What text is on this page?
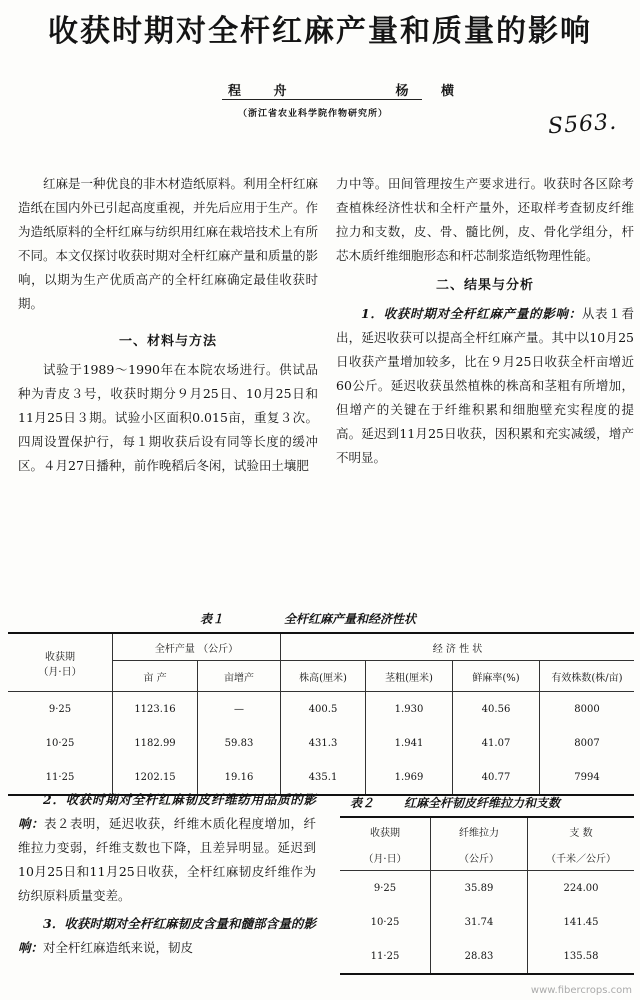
收获时期对全杆红麻产量和质量的影响
程 舟	杨 横
（浙江省农业科学院作物研究所）	S563.

红麻是一种优良的非木材造纸原料。利用全杆红麻造纸在国内外已引起高度重视，并先后应用于生产。作为造纸原料的全杆红麻与纺织用红麻在栽培技术上有所不同。本文仅探讨收获时期对全杆红麻产量和质量的影响，以期为生产优质高产的全杆红麻确定最佳收获时期。

一、材料与方法

试验于1989～1990年在本院农场进行。供试品种为青皮３号，收获时期分９月25日、10月25日和11月25日３期。试验小区面积0.015亩，重复３次。四周设置保护行，每１期收获后设有同等长度的缓冲区。４月27日播种，前作晚稻后冬闲，试验田土壤肥

力中等。田间管理按生产要求进行。收获时各区除考查植株经济性状和全杆产量外，还取样考查韧皮纤维拉力和支数，皮、骨、髓比例，皮、骨化学组分，杆芯木质纤维细胞形态和杆芯制浆造纸物理性能。

二、结果与分析

1．收获时期对全杆红麻产量的影响：从表１看出，延迟收获可以提高全杆红麻产量。其中以10月25日收获产量增加较多，比在９月25日收获全杆亩增近60公斤。延迟收获虽然植株的株高和茎粗有所增加，但增产的关键在于纤维积累和细胞壁充实程度的提高。延迟到11月25日收获，因积累和充实减缓，增产不明显。

表１	全杆红麻产量和经济性状
收获期
（月·日）	全杆产量 （公斤）		经 济 性 状			
	亩 产	亩增产	株高(厘米)	茎粗(厘米)	鲜麻率(%)	有效株数(株/亩)
9·25	1123.16	—	400.5	1.930	40.56	8000
10·25	1182.99	59.83	431.3	1.941	41.07	8007
11·25	1202.15	19.16	435.1	1.969	40.77	7994

2．收获时期对全杆红麻韧皮纤维纺用品质的影响：表２表明，延迟收获，纤维木质化程度增加，纤维拉力变弱，纤维支数也下降，且差异明显。延迟到10月25日和11月25日收获，全杆红麻韧皮纤维作为纺织原料质量变差。

3．收获时期对全杆红麻韧皮含量和髓部含量的影响：对全杆红麻造纸来说，韧皮

表２	红麻全杆韧皮纤维拉力和支数
收获期	纤维拉力	支 数
（月·日）	（公斤）	（千米／公斤）
9·25	35.89	224.00
10·25	31.74	141.45
11·25	28.83	135.58
www.fibercrops.com
